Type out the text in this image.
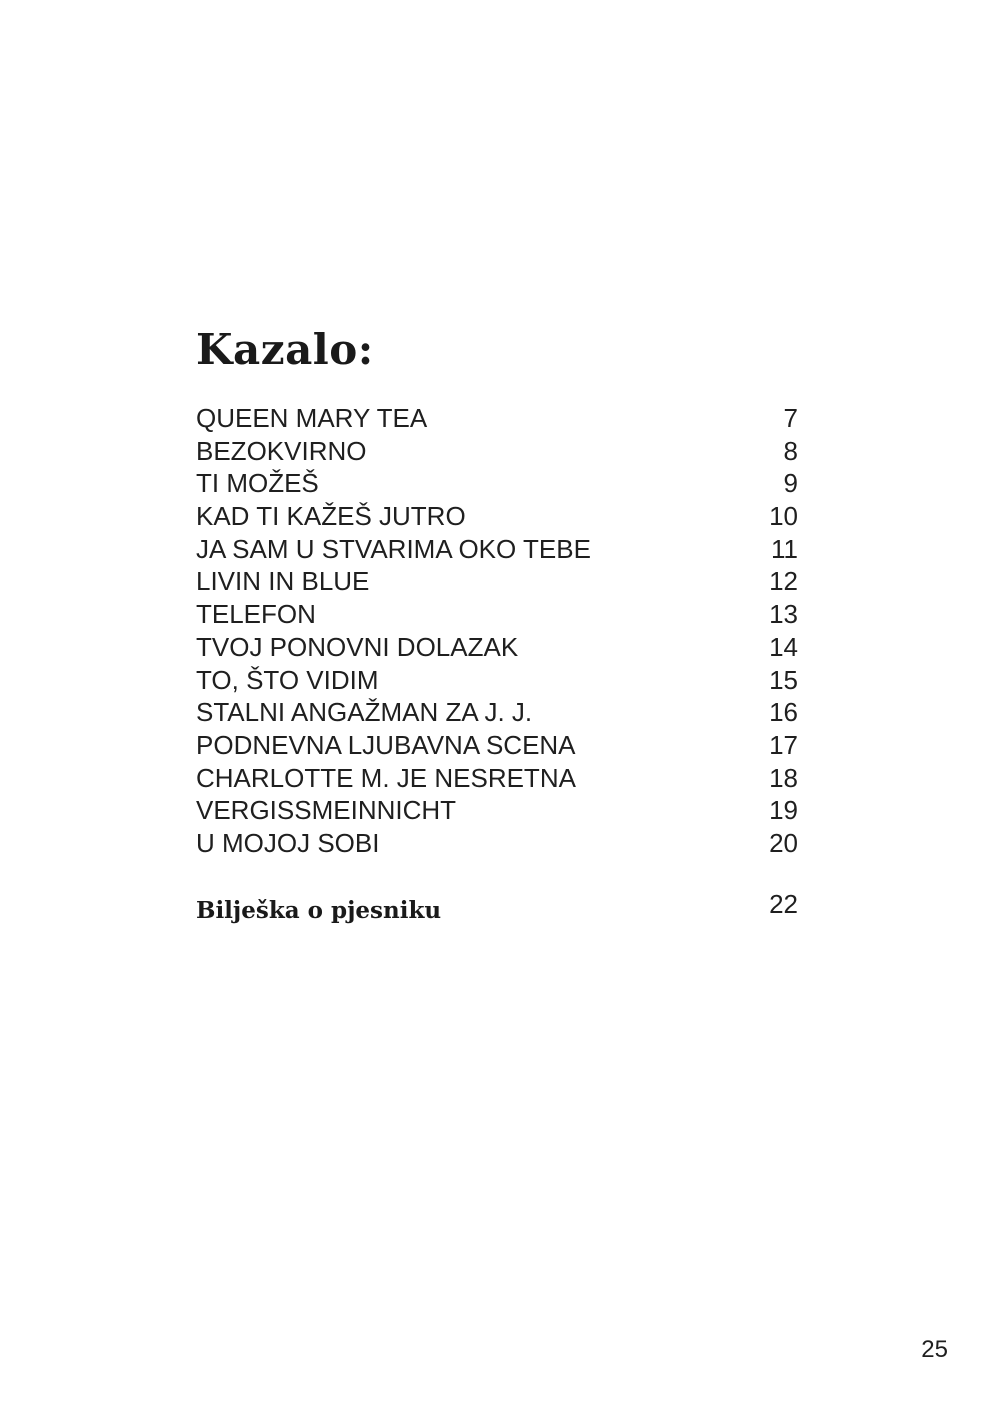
Kazalo:
QUEEN MARY TEA	7
BEZOKVIRNO	8
TI MOŽEŠ	9
KAD TI KAŽEŠ JUTRO	10
JA SAM U STVARIMA OKO TEBE	11
LIVIN IN BLUE	12
TELEFON	13
TVOJ PONOVNI DOLAZAK	14
TO, ŠTO VIDIM	15
STALNI ANGAŽMAN ZA J. J.	16
PODNEVNA LJUBAVNA SCENA	17
CHARLOTTE M. JE NESRETNA	18
VERGISSMEINNICHT	19
U MOJOJ SOBI	20
Bilješka o pjesniku	22
25
